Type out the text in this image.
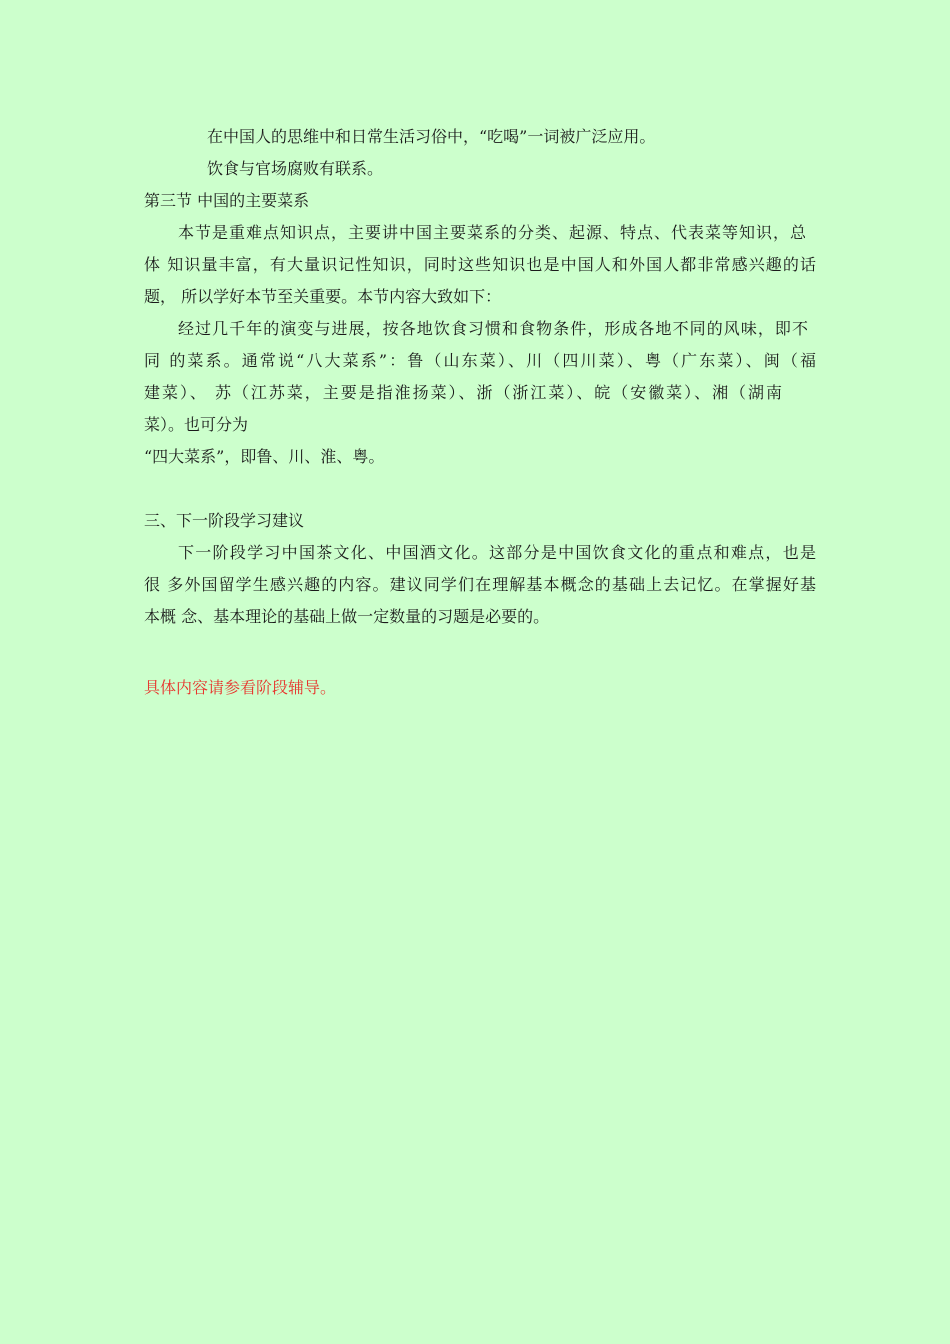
在中国人的思维中和日常生活习俗中，“吃喝”一词被广泛应用。
饮食与官场腐败有联系。
第三节 中国的主要菜系
本节是重难点知识点，主要讲中国主要菜系的分类、起源、特点、代表菜等知识，总
体 知识量丰富，有大量识记性知识，同时这些知识也是中国人和外国人都非常感兴趣的话
题， 所以学好本节至关重要。本节内容大致如下：
经过几千年的演变与进展，按各地饮食习惯和食物条件，形成各地不同的风味，即不
同 的菜系。通常说“八大菜系”：鲁（山东菜）、川（四川菜）、粤（广东菜）、闽（福
建菜）、 苏（江苏菜，主要是指淮扬菜）、浙（浙江菜）、皖（安徽菜）、湘（湖南
菜）。也可分为
“四大菜系”，即鲁、川、淮、粤。
三、下一阶段学习建议
下一阶段学习中国茶文化、中国酒文化。这部分是中国饮食文化的重点和难点，也是
很 多外国留学生感兴趣的内容。建议同学们在理解基本概念的基础上去记忆。在掌握好基
本概 念、基本理论的基础上做一定数量的习题是必要的。
具体内容请参看阶段辅导。
